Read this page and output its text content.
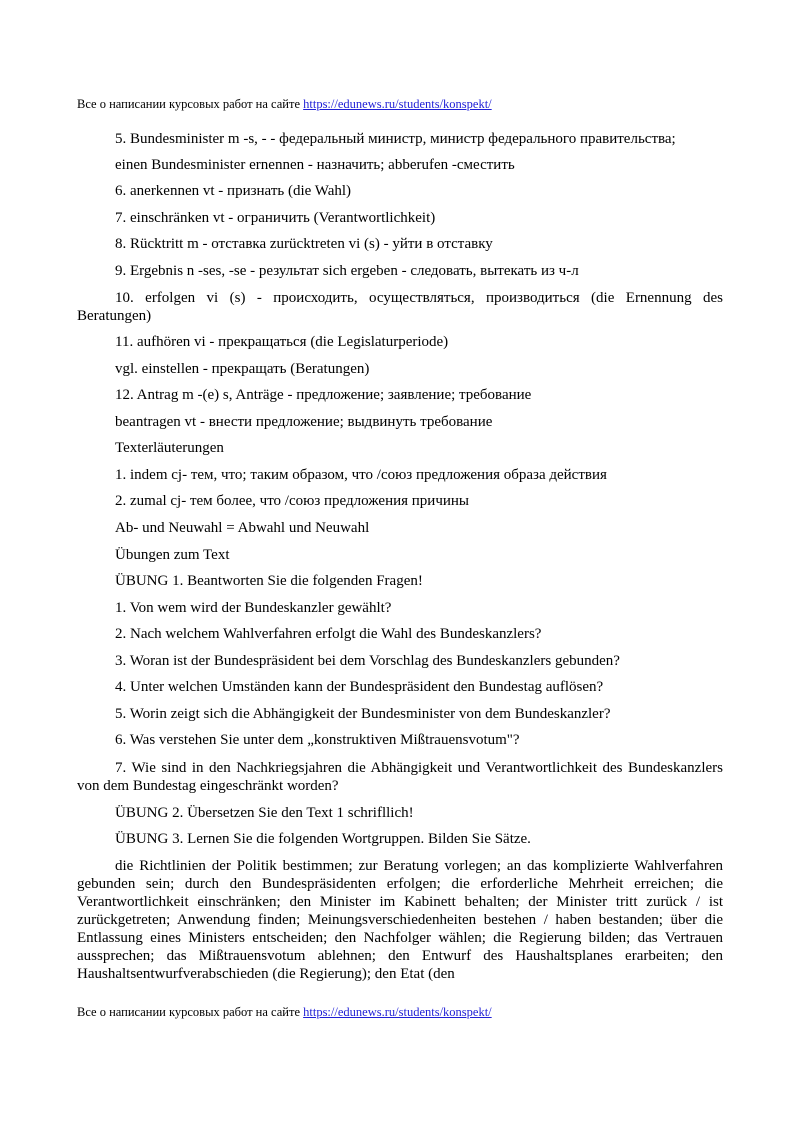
Все о написании курсовых работ на сайте https://edunews.ru/students/konspekt/
5. Bundesminister m -s, - - федеральный министр, министр федерального правительства;
einen Bundesminister ernennen - назначить; abberufen -сместить
6. anerkennen vt - признать (die Wahl)
7. einschränken vt - ограничить (Verantwortlichkeit)
8. Rücktritt m - отставка zurücktreten vi (s) - уйти в отставку
9. Ergebnis n -ses, -se - результат sich ergeben - следовать, вытекать из ч-л
10. erfolgen vi (s) - происходить, осуществляться, производиться (die Ernennung des Beratungen)
11. aufhören vi - прекращаться (die Legislaturperiode)
vgl. einstellen - прекращать (Beratungen)
12. Antrag m -(e) s, Anträge - предложение; заявление; требование
beantragen vt - внести предложение; выдвинуть требование
Texterläuterungen
1. indem cj- тем, что; таким образом, что /союз предложения образа действия
2. zumal cj- тем более, что /союз предложения причины
Ab- und Neuwahl = Abwahl und Neuwahl
Übungen zum Text
ÜBUNG 1. Beantworten Sie die folgenden Fragen!
1. Von wem wird der Bundeskanzler gewählt?
2. Nach welchem Wahlverfahren erfolgt die Wahl des Bundeskanzlers?
3. Woran ist der Bundespräsident bei dem Vorschlag des Bundeskanzlers gebunden?
4. Unter welchen Umständen kann der Bundespräsident den Bundestag auflösen?
5. Worin zeigt sich die Abhängigkeit der Bundesminister von dem Bundeskanzler?
6. Was verstehen Sie unter dem „konstruktiven Mißtrauensvotum"?
7. Wie sind in den Nachkriegsjahren die Abhängigkeit und Verantwortlichkeit des Bundeskanzlers von dem Bundestag eingeschränkt worden?
ÜBUNG 2. Übersetzen Sie den Text 1 schrifllich!
ÜBUNG 3. Lernen Sie die folgenden Wortgruppen. Bilden Sie Sätze.
die Richtlinien der Politik bestimmen; zur Beratung vorlegen; an das komplizierte Wahlverfahren gebunden sein; durch den Bundespräsidenten erfolgen; die erforderliche Mehrheit erreichen; die Verantwortlichkeit einschränken; den Minister im Kabinett behalten; der Minister tritt zurück / ist zurückgetreten; Anwendung finden; Meinungsverschiedenheiten bestehen / haben bestanden; über die Entlassung eines Ministers entscheiden; den Nachfolger wählen; die Regierung bilden; das Vertrauen aussprechen; das Mißtrauensvotum ablehnen; den Entwurf des Haushaltsplanes erarbeiten; den Haushaltsentwurfverabschieden (die Regierung); den Etat (den
Все о написании курсовых работ на сайте https://edunews.ru/students/konspekt/
